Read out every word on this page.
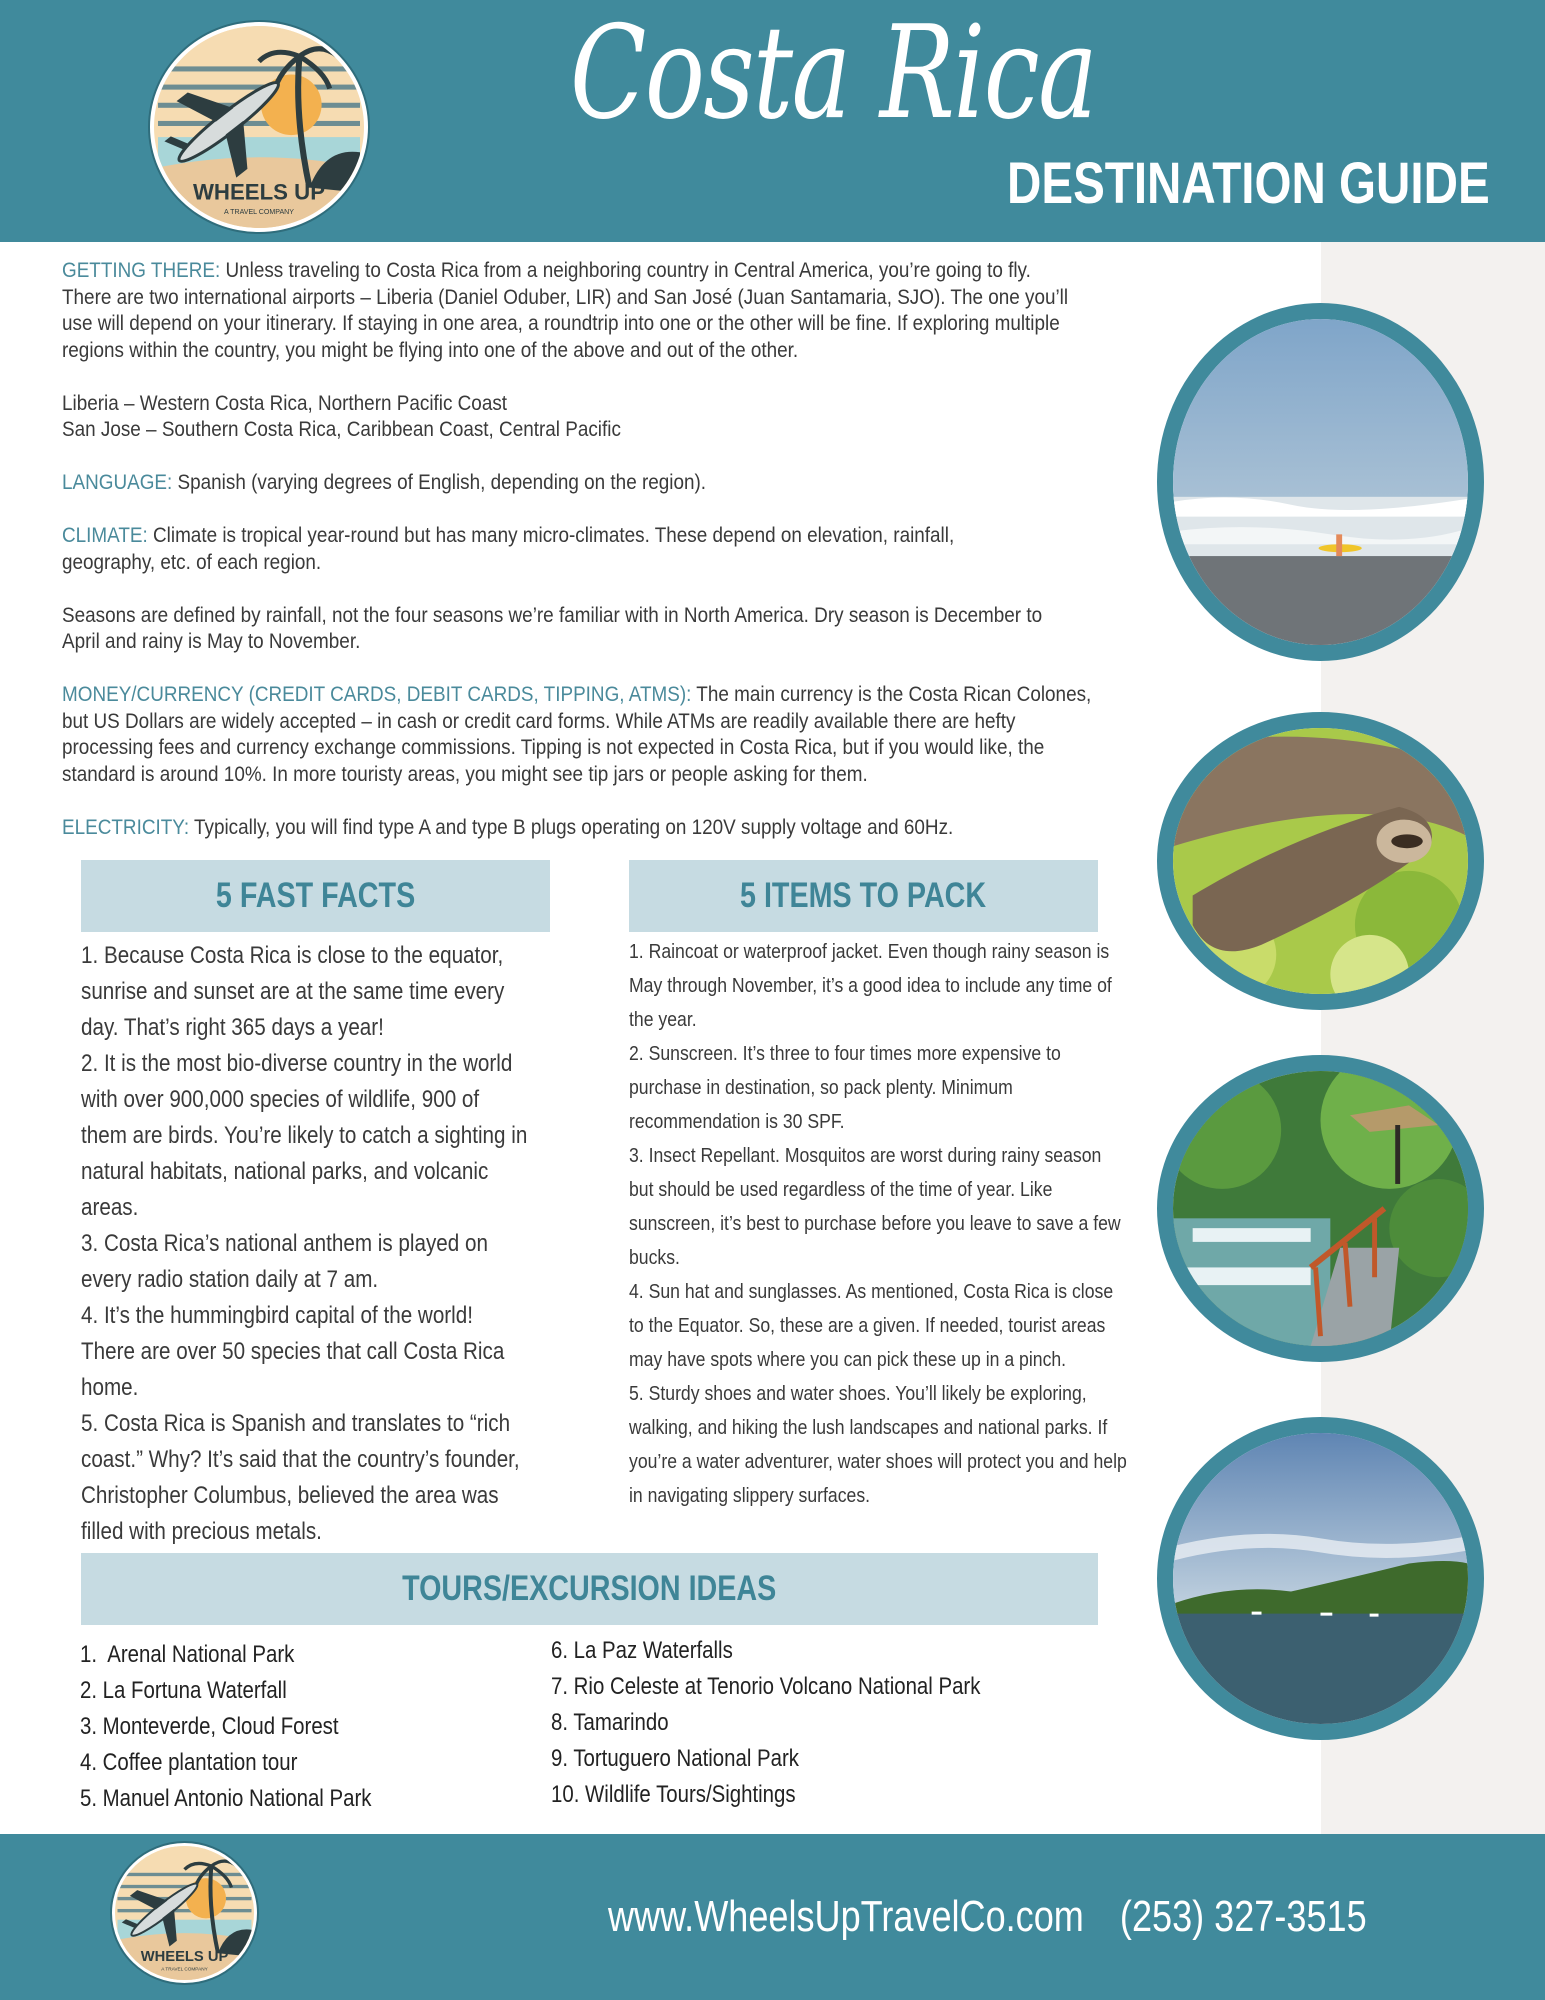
WHEELS UP
A TRAVEL COMPANY
Costa Rica
DESTINATION GUIDE

GETTING THERE: Unless traveling to Costa Rica from a neighboring country in Central America, you’re going to fly. There are two international airports – Liberia (Daniel Oduber, LIR) and San José (Juan Santamaria, SJO). The one you’ll use will depend on your itinerary. If staying in one area, a roundtrip into one or the other will be fine. If exploring multiple regions within the country, you might be flying into one of the above and out of the other.

Liberia – Western Costa Rica, Northern Pacific Coast

San Jose – Southern Costa Rica, Caribbean Coast, Central Pacific

LANGUAGE: Spanish (varying degrees of English, depending on the region).

CLIMATE: Climate is tropical year-round but has many micro-climates. These depend on elevation, rainfall, geography, etc. of each region.

Seasons are defined by rainfall, not the four seasons we’re familiar with in North America. Dry season is December to April and rainy is May to November.

MONEY/CURRENCY (CREDIT CARDS, DEBIT CARDS, TIPPING, ATMS): The main currency is the Costa Rican Colones, but US Dollars are widely accepted – in cash or credit card forms. While ATMs are readily available there are hefty processing fees and currency exchange commissions. Tipping is not expected in Costa Rica, but if you would like, the standard is around 10%. In more touristy areas, you might see tip jars or people asking for them.

ELECTRICITY: Typically, you will find type A and type B plugs operating on 120V supply voltage and 60Hz.

5 FAST FACTS
1. Because Costa Rica is close to the equator, sunrise and sunset are at the same time every day. That’s right 365 days a year!
2. It is the most bio-diverse country in the world with over 900,000 species of wildlife, 900 of them are birds. You’re likely to catch a sighting in natural habitats, national parks, and volcanic areas.
3. Costa Rica’s national anthem is played on every radio station daily at 7 am.
4. It’s the hummingbird capital of the world! There are over 50 species that call Costa Rica home.
5. Costa Rica is Spanish and translates to “rich coast.” Why? It’s said that the country’s founder, Christopher Columbus, believed the area was filled with precious metals.
5 ITEMS TO PACK
1. Raincoat or waterproof jacket. Even though rainy season is May through November, it’s a good idea to include any time of the year.
2. Sunscreen. It’s three to four times more expensive to purchase in destination, so pack plenty. Minimum recommendation is 30 SPF.
3. Insect Repellant. Mosquitos are worst during rainy season but should be used regardless of the time of year. Like sunscreen, it’s best to purchase before you leave to save a few bucks.
4. Sun hat and sunglasses. As mentioned, Costa Rica is close to the Equator. So, these are a given. If needed, tourist areas may have spots where you can pick these up in a pinch.
5. Sturdy shoes and water shoes. You’ll likely be exploring, walking, and hiking the lush landscapes and national parks. If you’re a water adventurer, water shoes will protect you and help in navigating slippery surfaces.
TOURS/EXCURSION IDEAS
1.  Arenal National Park
2. La Fortuna Waterfall
3. Monteverde, Cloud Forest
4. Coffee plantation tour
5. Manuel Antonio National Park
6. La Paz Waterfalls
7. Rio Celeste at Tenorio Volcano National Park
8. Tamarindo
9. Tortuguero National Park
10. Wildlife Tours/Sightings
WHEELS UP
A TRAVEL COMPANY
www.WheelsUpTravelCo.com (253) 327-3515
